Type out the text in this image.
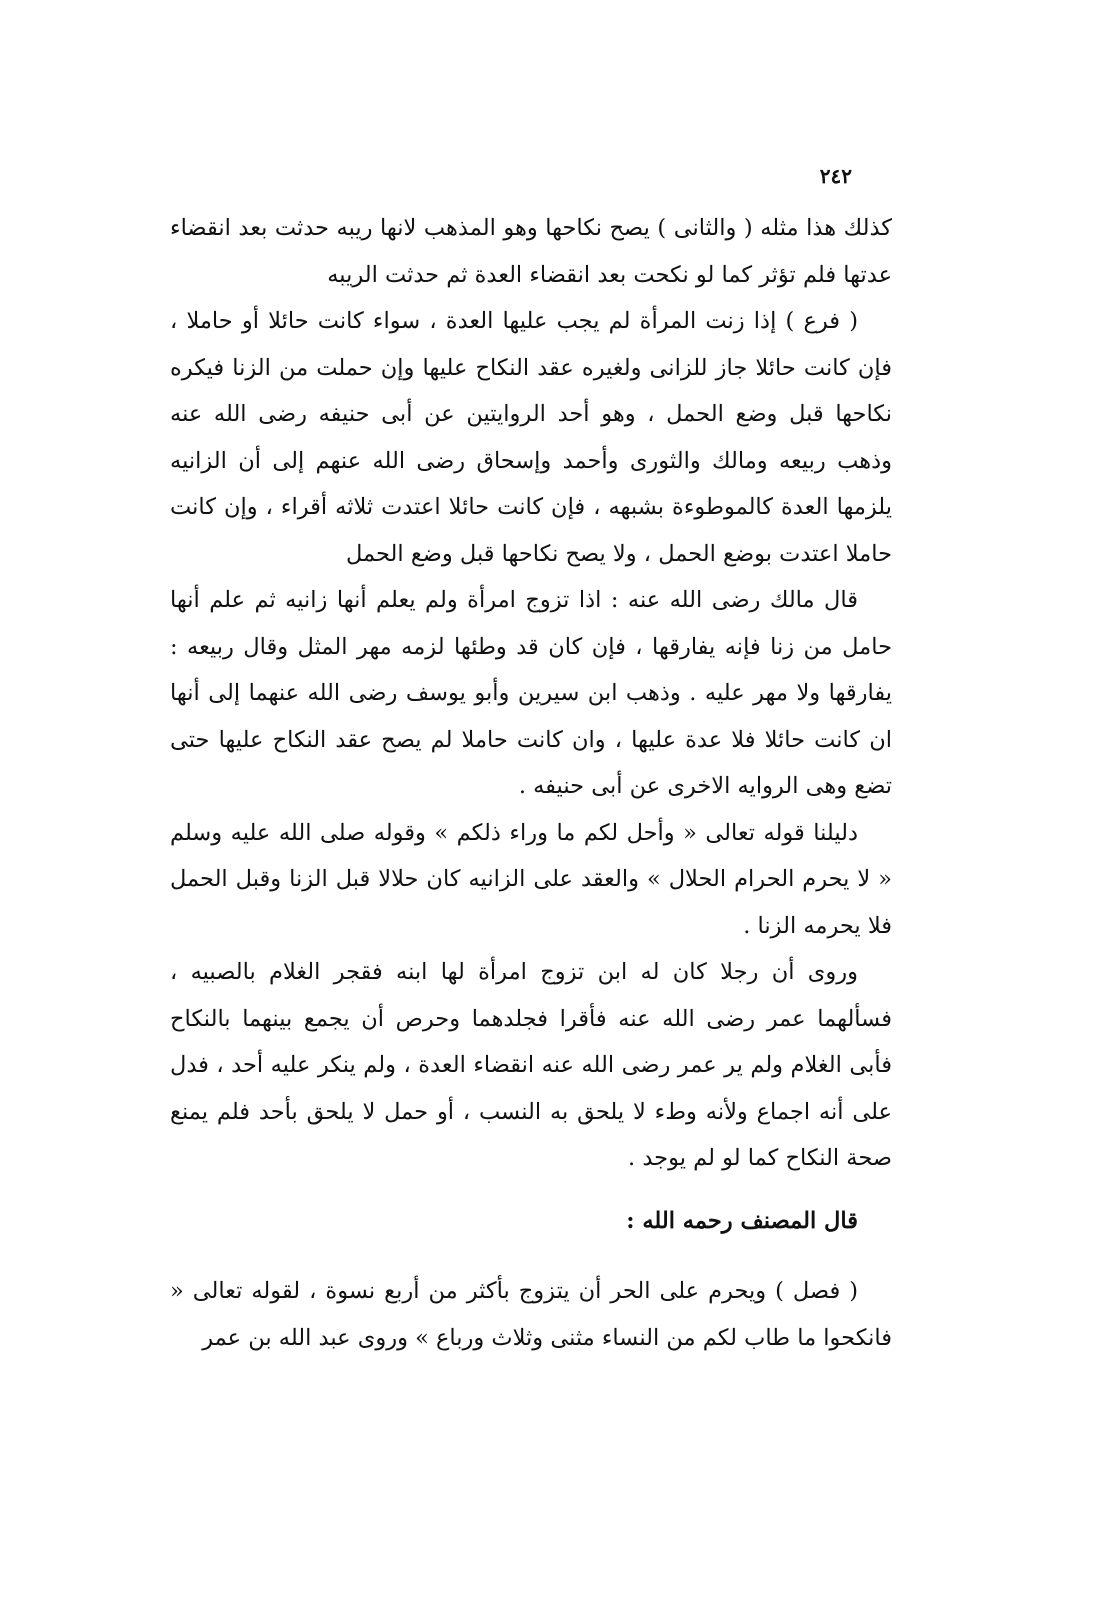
٢٤٢

كذلك هذا مثله ( والثانى ) يصح نكاحها وهو المذهب لانها ريبه حدثت بعد انقضاء عدتها فلم تؤثر كما لو نكحت بعد انقضاء العدة ثم حدثت الريبه

( فرع ) إذا زنت المرأة لم يجب عليها العدة ، سواء كانت حائلا أو حاملا ، فإن كانت حائلا جاز للزانى ولغيره عقد النكاح عليها وإن حملت من الزنا فيكره نكاحها قبل وضع الحمل ، وهو أحد الروايتين عن أبى حنيفه رضى الله عنه وذهب ربيعه ومالك والثورى وأحمد وإسحاق رضى الله عنهم إلى أن الزانيه يلزمها العدة كالموطوءة بشبهه ، فإن كانت حائلا اعتدت ثلاثه أقراء ، وإن كانت حاملا اعتدت بوضع الحمل ، ولا يصح نكاحها قبل وضع الحمل

قال مالك رضى الله عنه : اذا تزوج امرأة ولم يعلم أنها زانيه ثم علم أنها حامل من زنا فإنه يفارقها ، فإن كان قد وطئها لزمه مهر المثل وقال ربيعه : يفارقها ولا مهر عليه . وذهب ابن سيرين وأبو يوسف رضى الله عنهما إلى أنها ان كانت حائلا فلا عدة عليها ، وان كانت حاملا لم يصح عقد النكاح عليها حتى تضع وهى الروايه الاخرى عن أبى حنيفه .

دليلنا قوله تعالى « وأحل لكم ما وراء ذلكم » وقوله صلى الله عليه وسلم « لا يحرم الحرام الحلال » والعقد على الزانيه كان حلالا قبل الزنا وقبل الحمل فلا يحرمه الزنا .

وروى أن رجلا كان له ابن تزوج امرأة لها ابنه فقجر الغلام بالصبيه ، فسألهما عمر رضى الله عنه فأقرا فجلدهما وحرص أن يجمع بينهما بالنكاح فأبى الغلام ولم ير عمر رضى الله عنه انقضاء العدة ، ولم ينكر عليه أحد ، فدل على أنه اجماع ولأنه وطء لا يلحق به النسب ، أو حمل لا يلحق بأحد فلم يمنع صحة النكاح كما لو لم يوجد .

قال المصنف رحمه الله :

( فصل ) ويحرم على الحر أن يتزوج بأكثر من أربع نسوة ، لقوله تعالى « فانكحوا ما طاب لكم من النساء مثنى وثلاث ورباع » وروى عبد الله بن عمر
